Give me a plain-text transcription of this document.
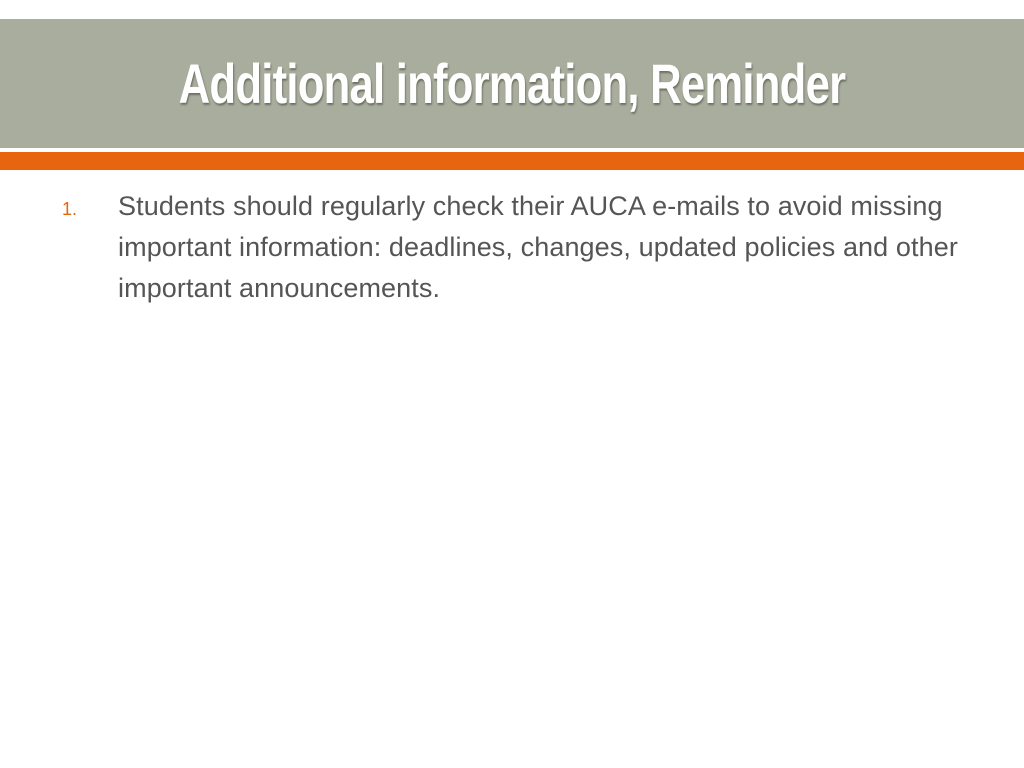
Additional information, Reminder
1. Students should regularly check their AUCA e-mails to avoid missing important information: deadlines, changes, updated policies and other important announcements.
